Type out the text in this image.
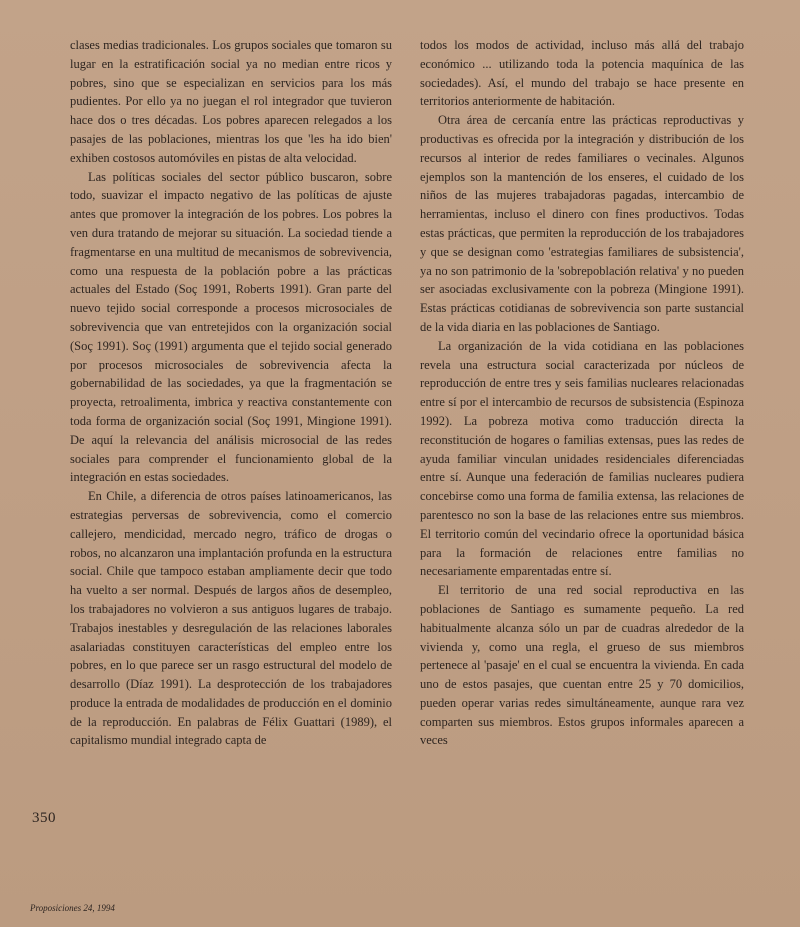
clases medias tradicionales. Los grupos sociales que tomaron su lugar en la estratificación social ya no median entre ricos y pobres, sino que se especializan en servicios para los más pudientes. Por ello ya no juegan el rol integrador que tuvieron hace dos o tres décadas. Los pobres aparecen relegados a los pasajes de las poblaciones, mientras los que 'les ha ido bien' exhiben costosos automóviles en pistas de alta velocidad.

Las políticas sociales del sector público buscaron, sobre todo, suavizar el impacto negativo de las políticas de ajuste antes que promover la integración de los pobres. Los pobres la ven dura tratando de mejorar su situación. La sociedad tiende a fragmentarse en una multitud de mecanismos de sobrevivencia, como una respuesta de la población pobre a las prácticas actuales del Estado (Soç 1991, Roberts 1991). Gran parte del nuevo tejido social corresponde a procesos microsociales de sobrevivencia que van entretejidos con la organización social (Soç 1991). Soç (1991) argumenta que el tejido social generado por procesos microsociales de sobrevivencia afecta la gobernabilidad de las sociedades, ya que la fragmentación se proyecta, retroalimenta, imbrica y reactiva constantemente con toda forma de organización social (Soç 1991, Mingione 1991). De aquí la relevancia del análisis microsocial de las redes sociales para comprender el funcionamiento global de la integración en estas sociedades.

En Chile, a diferencia de otros países latinoamericanos, las estrategias perversas de sobrevivencia, como el comercio callejero, mendicidad, mercado negro, tráfico de drogas o robos, no alcanzaron una implantación profunda en la estructura social. Chile que tampoco estaban ampliamente decir que todo ha vuelto a ser normal. Después de largos años de desempleo, los trabajadores no volvieron a sus antiguos lugares de trabajo. Trabajos inestables y desregulación de las relaciones laborales asalariadas constituyen características del empleo entre los pobres, en lo que parece ser un rasgo estructural del modelo de desarrollo (Díaz 1991). La desprotección de los trabajadores produce la entrada de modalidades de producción en el dominio de la reproducción. En palabras de Félix Guattari (1989), el capitalismo mundial integrado capta de

todos los modos de actividad, incluso más allá del trabajo económico ... utilizando toda la potencia maquínica de las sociedades). Así, el mundo del trabajo se hace presente en territorios anteriormente de habitación.

Otra área de cercanía entre las prácticas reproductivas y productivas es ofrecida por la integración y distribución de los recursos al interior de redes familiares o vecinales. Algunos ejemplos son la mantención de los enseres, el cuidado de los niños de las mujeres trabajadoras pagadas, intercambio de herramientas, incluso el dinero con fines productivos. Todas estas prácticas, que permiten la reproducción de los trabajadores y que se designan como 'estrategias familiares de subsistencia', ya no son patrimonio de la 'sobrepoblación relativa' y no pueden ser asociadas exclusivamente con la pobreza (Mingione 1991). Estas prácticas cotidianas de sobrevivencia son parte sustancial de la vida diaria en las poblaciones de Santiago.

La organización de la vida cotidiana en las poblaciones revela una estructura social caracterizada por núcleos de reproducción de entre tres y seis familias nucleares relacionadas entre sí por el intercambio de recursos de subsistencia (Espinoza 1992). La pobreza motiva como traducción directa la reconstitución de hogares o familias extensas, pues las redes de ayuda familiar vinculan unidades residenciales diferenciadas entre sí. Aunque una federación de familias nucleares pudiera concebirse como una forma de familia extensa, las relaciones de parentesco no son la base de las relaciones entre sus miembros. El territorio común del vecindario ofrece la oportunidad básica para la formación de relaciones entre familias no necesariamente emparentadas entre sí.

El territorio de una red social reproductiva en las poblaciones de Santiago es sumamente pequeño. La red habitualmente alcanza sólo un par de cuadras alrededor de la vivienda y, como una regla, el grueso de sus miembros pertenece al 'pasaje' en el cual se encuentra la vivienda. En cada uno de estos pasajes, que cuentan entre 25 y 70 domicilios, pueden operar varias redes simultáneamente, aunque rara vez comparten sus miembros. Estos grupos informales aparecen a veces

350
Proposiciones 24, 1994
